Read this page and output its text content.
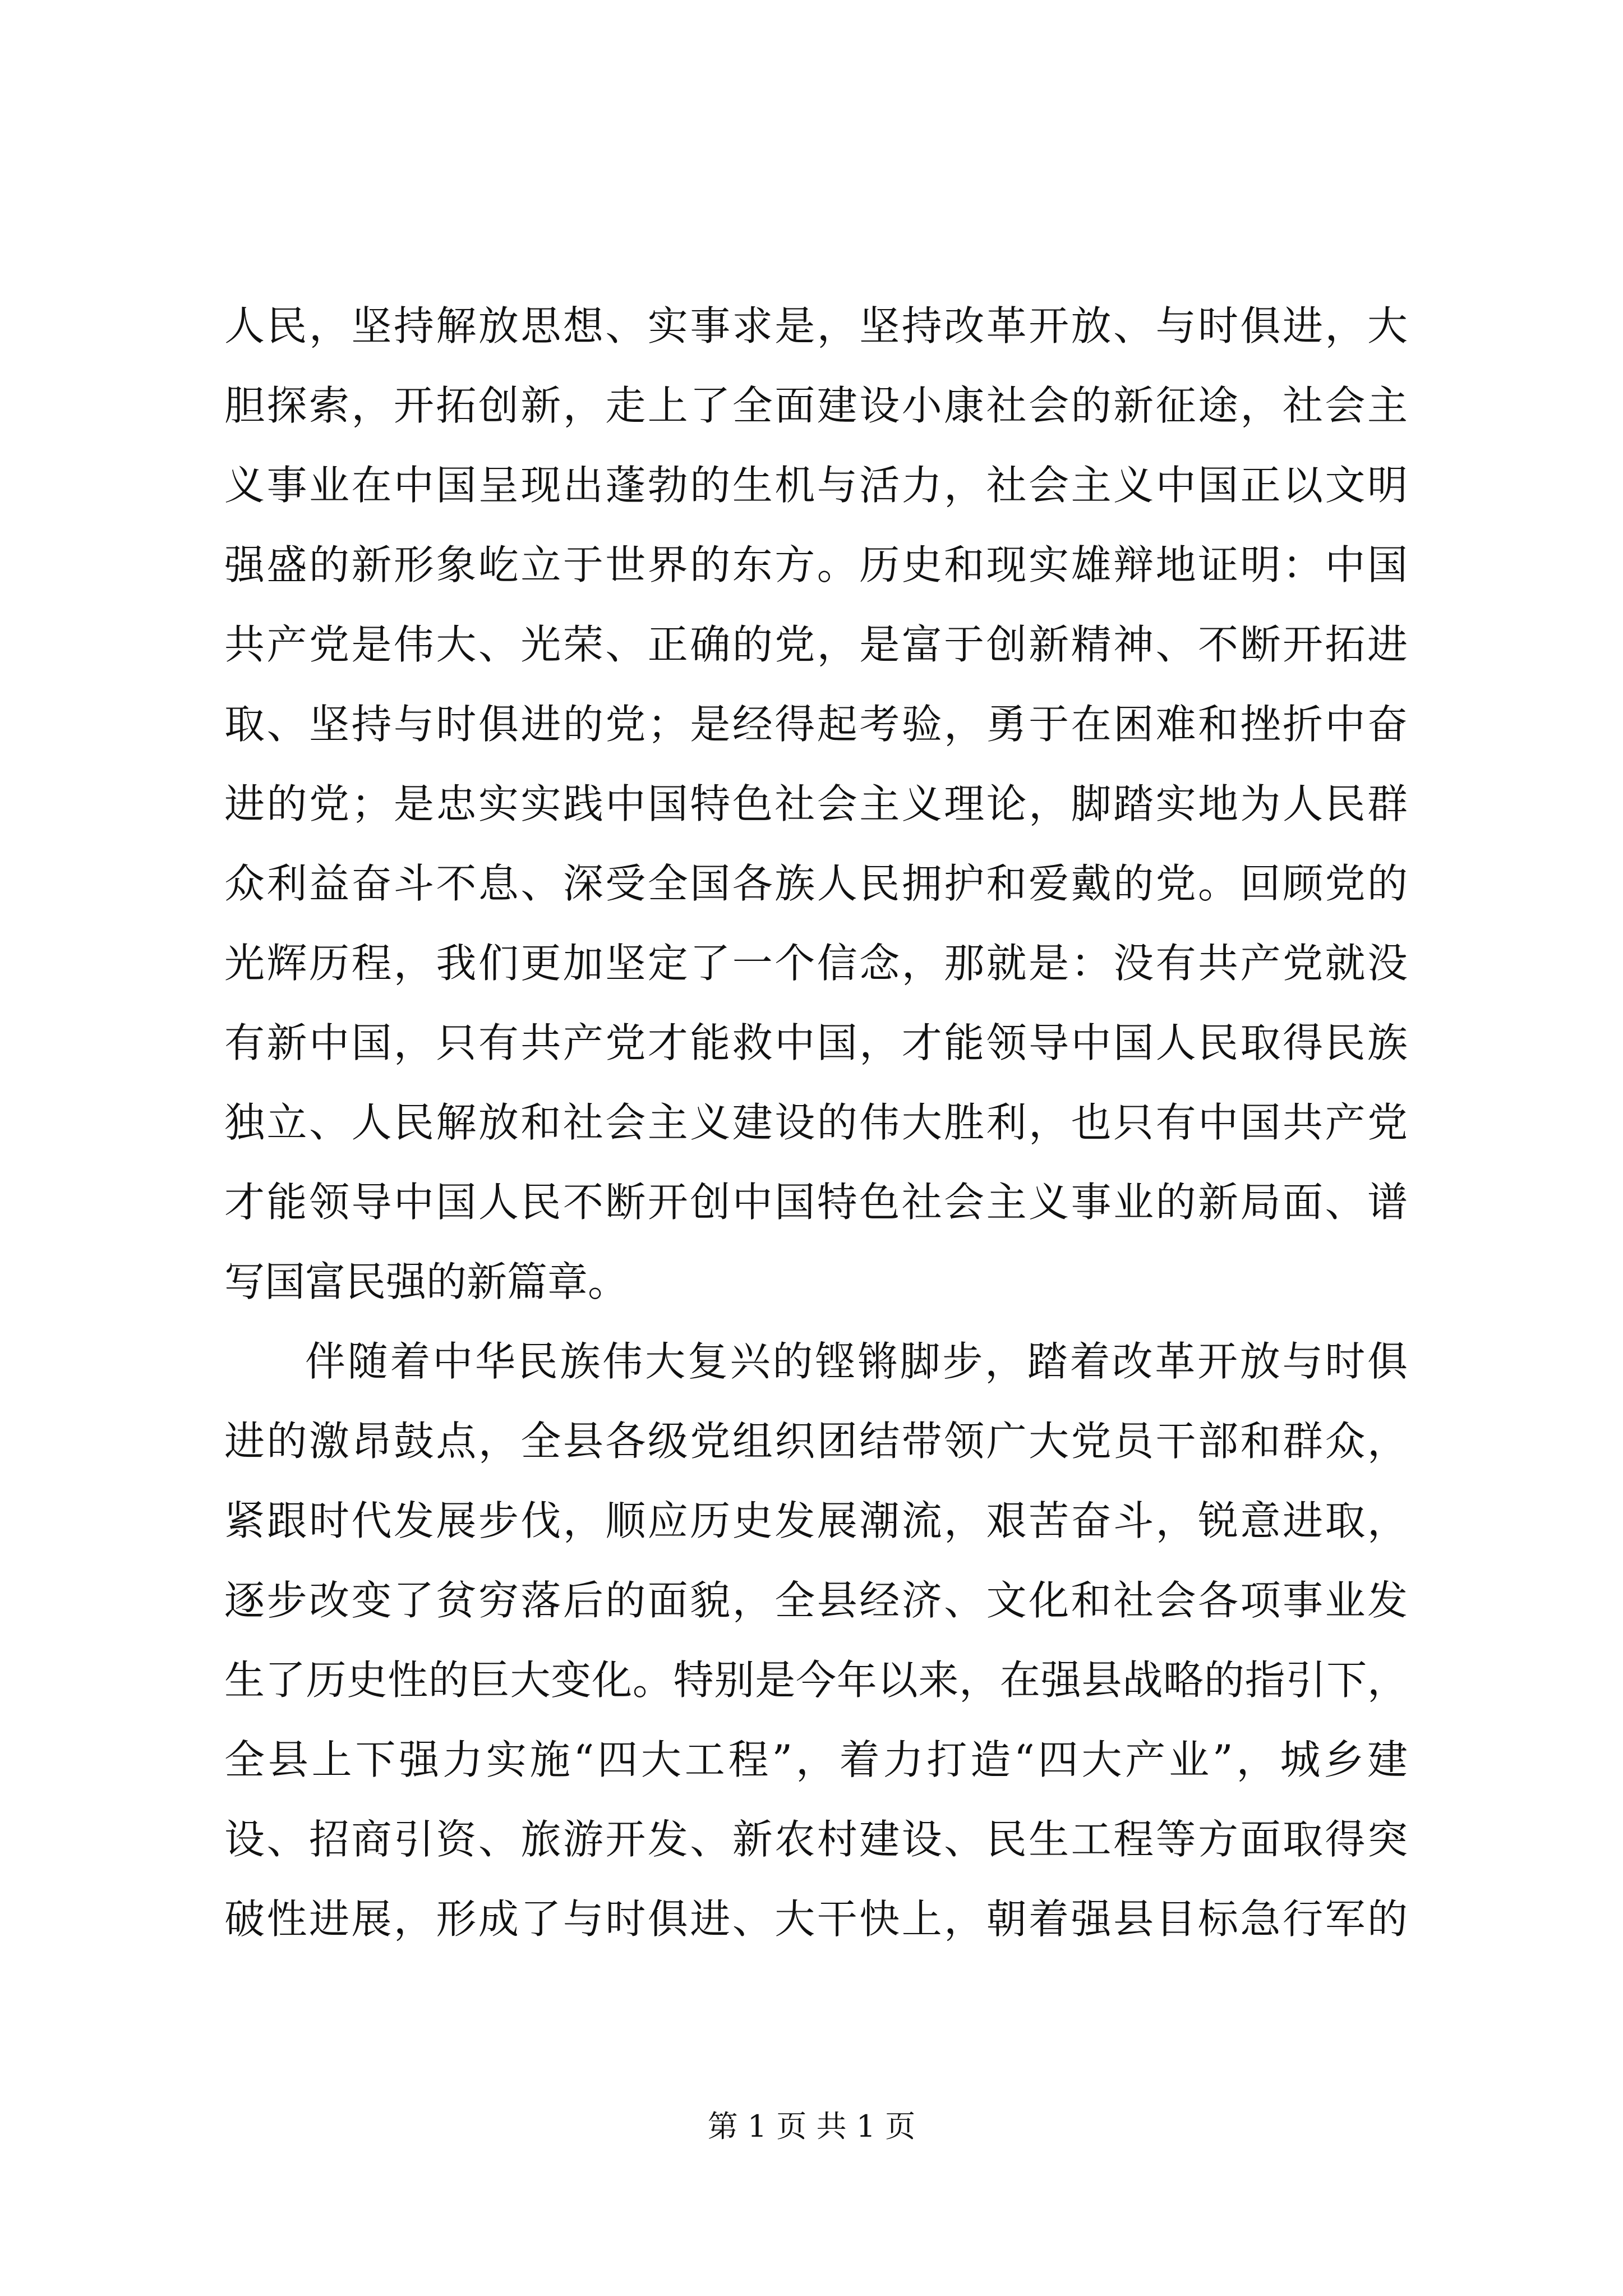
人民，坚持解放思想、实事求是，坚持改革开放、与时俱进，大
胆探索，开拓创新，走上了全面建设小康社会的新征途，社会主
义事业在中国呈现出蓬勃的生机与活力，社会主义中国正以文明
强盛的新形象屹立于世界的东方。历史和现实雄辩地证明：中国
共产党是伟大、光荣、正确的党，是富于创新精神、不断开拓进
取、坚持与时俱进的党；是经得起考验，勇于在困难和挫折中奋
进的党；是忠实实践中国特色社会主义理论，脚踏实地为人民群
众利益奋斗不息、深受全国各族人民拥护和爱戴的党。回顾党的
光辉历程，我们更加坚定了一个信念，那就是：没有共产党就没
有新中国，只有共产党才能救中国，才能领导中国人民取得民族
独立、人民解放和社会主义建设的伟大胜利，也只有中国共产党
才能领导中国人民不断开创中国特色社会主义事业的新局面、谱
写国富民强的新篇章。
伴随着中华民族伟大复兴的铿锵脚步，踏着改革开放与时俱
进的激昂鼓点，全县各级党组织团结带领广大党员干部和群众，
紧跟时代发展步伐，顺应历史发展潮流，艰苦奋斗，锐意进取，
逐步改变了贫穷落后的面貌，全县经济、文化和社会各项事业发
生了历史性的巨大变化。特别是今年以来，在强县战略的指引下，
全县上下强力实施“四大工程”，着力打造“四大产业”，城乡建
设、招商引资、旅游开发、新农村建设、民生工程等方面取得突
破性进展，形成了与时俱进、大干快上，朝着强县目标急行军的
第 1 页 共 1 页
